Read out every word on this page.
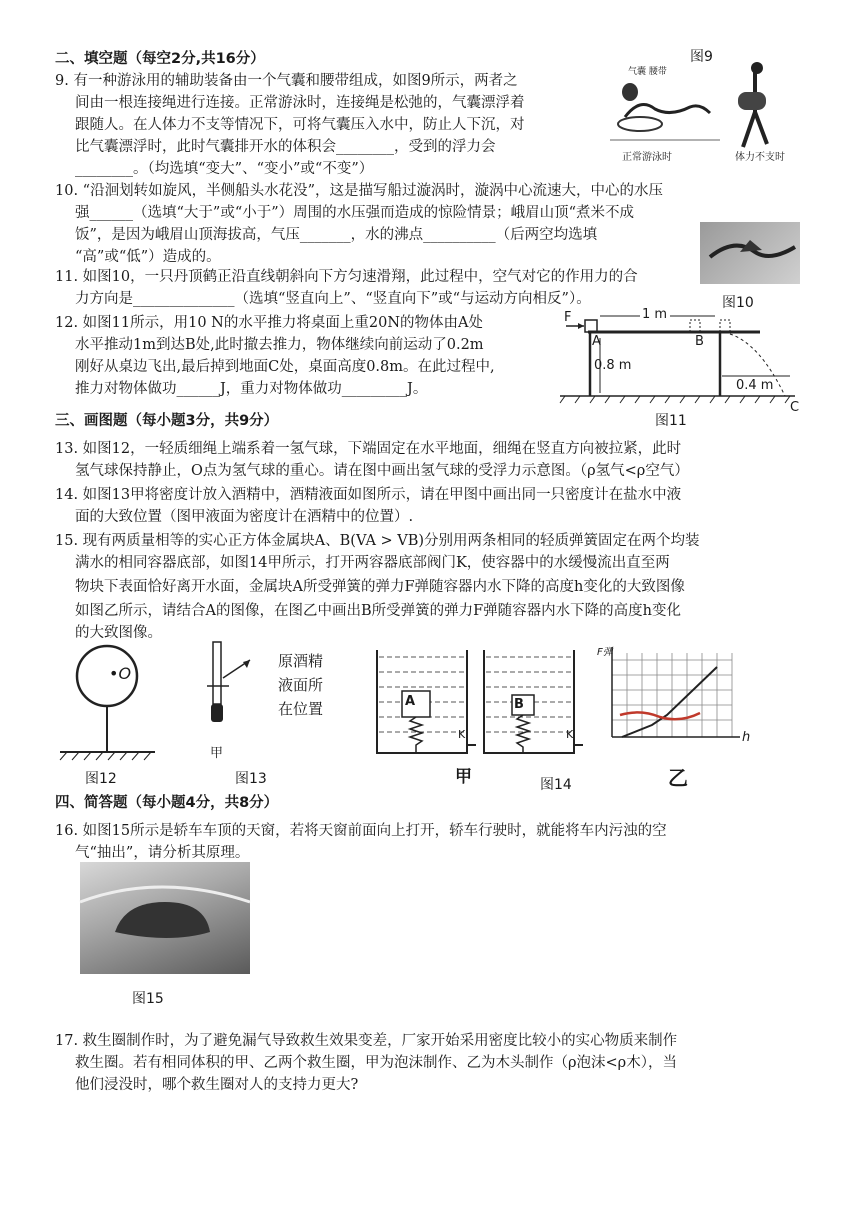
二、填空题（每空2分,共16分）	图9
9. 有一种游泳用的辅助装备由一个气囊和腰带组成，如图9所示，两者之
间由一根连接绳进行连接。正常游泳时，连接绳是松弛的，气囊漂浮着
跟随人。在人体力不支等情况下，可将气囊压入水中，防止人下沉，对
比气囊漂浮时，此时气囊排开水的体积会________，受到的浮力会
________。（均选填“变大”、“变小”或“不变”）
气囊 腰带
正常游泳时	体力不支时
10. “沿洄划转如旋风，半侧船头水花没”，这是描写船过漩涡时，漩涡中心流速大，中心的水压
强______（选填“大于”或“小于”）周围的水压强而造成的惊险情景；峨眉山顶“煮米不成
饭”，是因为峨眉山顶海拔高，气压_______，水的沸点__________（后两空均选填
“高”或“低”）造成的。
11. 如图10，一只丹顶鹤正沿直线朝斜向下方匀速滑翔，此过程中，空气对它的作用力的合
力方向是______________（选填“竖直向上”、“竖直向下”或“与运动方向相反”）。	图10
12. 如图11所示，用10 N的水平推力将桌面上重20N的物体由A处
水平推动1m到达B处,此时撤去推力，物体继续向前运动了0.2m
刚好从桌边飞出,最后掉到地面C处，桌面高度0.8m。在此过程中,
推力对物体做功______J，重力对物体做功_________J。
F	1 m
A	B
0.8 m
0.4 m
C
图11
三、画图题（每小题3分，共9分）
13. 如图12，一轻质细绳上端系着一氢气球，下端固定在水平地面，细绳在竖直方向被拉紧，此时
氢气球保持静止，O点为氢气球的重心。请在图中画出氢气球的受浮力示意图。（ρ氢气<ρ空气）
14. 如图13甲将密度计放入酒精中，酒精液面如图所示，请在甲图中画出同一只密度计在盐水中液
面的大致位置（图甲液面为密度计在酒精中的位置）.
15. 现有两质量相等的实心正方体金属块A、B(VA > VB)分别用两条相同的轻质弹簧固定在两个均装
满水的相同容器底部，如图14甲所示，打开两容器底部阀门K，使容器中的水缓慢流出直至两
物块下表面恰好离开水面，金属块A所受弹簧的弹力F弹随容器内水下降的高度h变化的大致图像
如图乙所示，请结合A的图像，在图乙中画出B所受弹簧的弹力F弹随容器内水下降的高度h变化
的大致图像。
•O
图12
原酒精
液面所
在位置
甲
图13
A	B
K	K
甲	图14
F弹
h
乙
四、简答题（每小题4分，共8分）
16. 如图15所示是轿车车顶的天窗，若将天窗前面向上打开，轿车行驶时，就能将车内污浊的空
气“抽出”，请分析其原理。
图15
17. 救生圈制作时，为了避免漏气导致救生效果变差，厂家开始采用密度比较小的实心物质来制作
救生圈。若有相同体积的甲、乙两个救生圈，甲为泡沫制作、乙为木头制作（ρ泡沫<ρ木），当
他们浸没时，哪个救生圈对人的支持力更大?
